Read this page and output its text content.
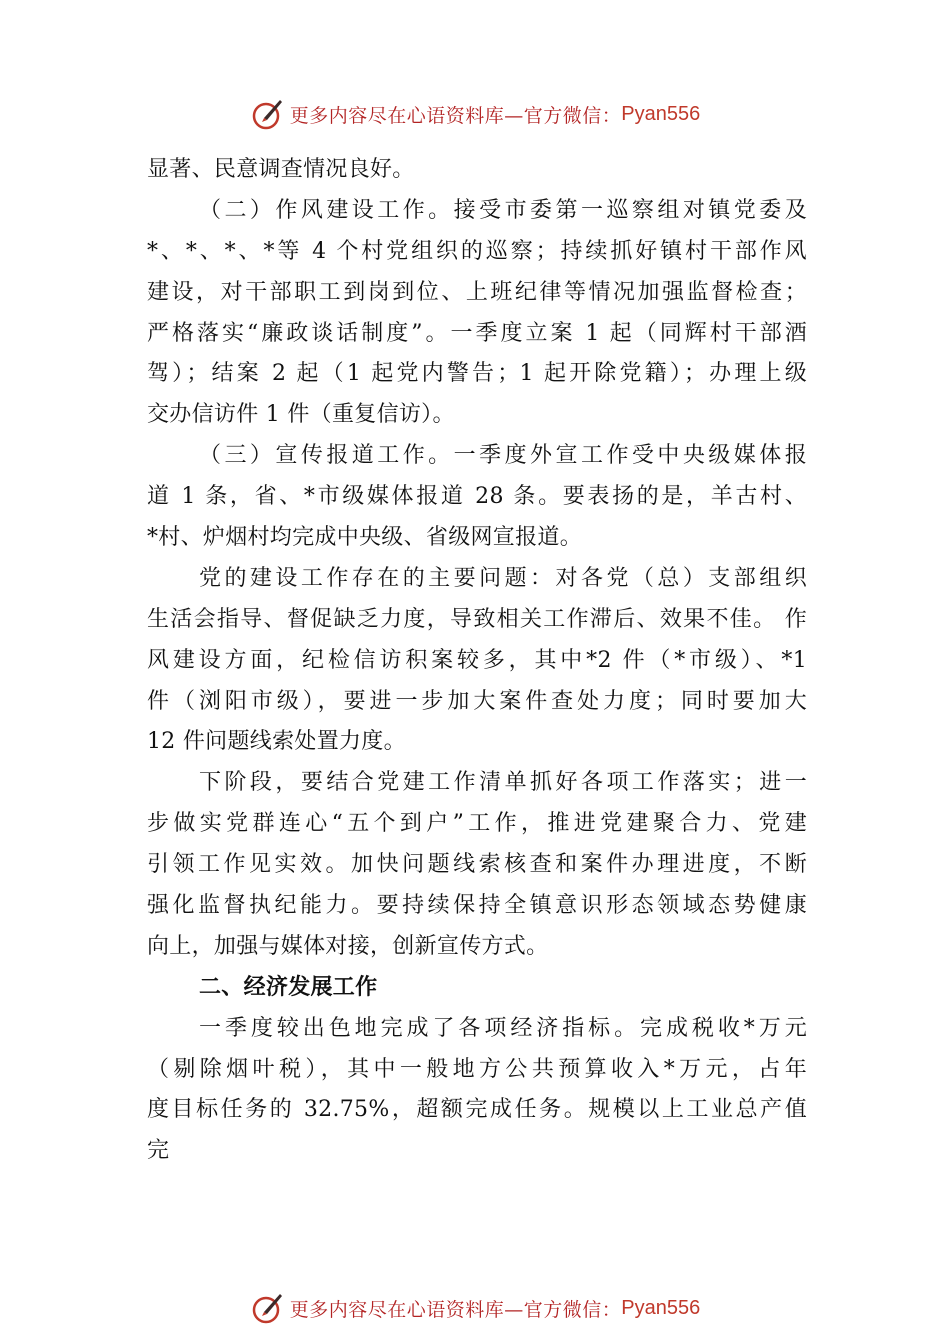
更多内容尽在心语资料库—官方微信： Pyan556
显著、民意调查情况良好。
（二）作风建设工作。接受市委第一巡察组对镇党委及
*、*、*、*等 4 个村党组织的巡察；持续抓好镇村干部作风
建设，对干部职工到岗到位、上班纪律等情况加强监督检查；
严格落实“廉政谈话制度”。一季度立案 1 起（同辉村干部酒
驾）；结案 2 起（1 起党内警告；1 起开除党籍）；办理上级
交办信访件 1 件（重复信访）。
（三）宣传报道工作。一季度外宣工作受中央级媒体报
道 1 条，省、*市级媒体报道 28 条。要表扬的是，羊古村、
*村、炉烟村均完成中央级、省级网宣报道。
党的建设工作存在的主要问题：对各党（总）支部组织
生活会指导、督促缺乏力度，导致相关工作滞后、效果不佳。 作
风建设方面，纪检信访积案较多，其中*2 件（*市级）、*1
件（浏阳市级），要进一步加大案件查处力度；同时要加大
12 件问题线索处置力度。
下阶段，要结合党建工作清单抓好各项工作落实；进一
步做实党群连心“五个到户”工作，推进党建聚合力、党建
引领工作见实效。加快问题线索核查和案件办理进度，不断
强化监督执纪能力。要持续保持全镇意识形态领域态势健康
向上，加强与媒体对接，创新宣传方式。
二、经济发展工作
一季度较出色地完成了各项经济指标。完成税收*万元
（剔除烟叶税），其中一般地方公共预算收入*万元，占年
度目标任务的 32.75%，超额完成任务。规模以上工业总产值
完
更多内容尽在心语资料库—官方微信： Pyan556
